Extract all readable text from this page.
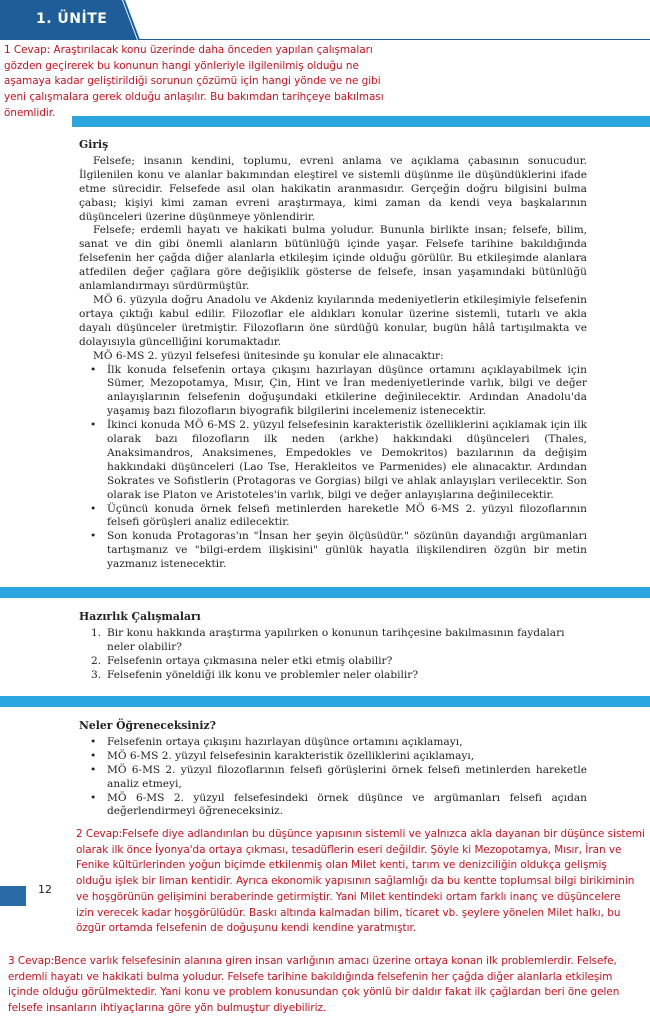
1. ÜNİTE
1 Cevap: Araştırılacak konu üzerinde daha önceden yapılan çalışmaları
gözden geçirerek bu konunun hangi yönleriyle ilgilenilmiş olduğu ne
aşamaya kadar geliştirildiği sorunun çözümü için hangi yönde ve ne gibi
yeni çalışmalara gerek olduğu anlaşılır. Bu bakımdan tarihçeye bakılması
önemlidir.
Giriş

Felsefe; insanın kendini, toplumu, evreni anlama ve açıklama çabasının sonucudur. İlgilenilen konu ve alanlar bakımından eleştirel ve sistemli düşünme ile düşündüklerini ifade etme sürecidir. Felsefede asıl olan hakikatin aranmasıdır. Gerçeğin doğru bilgisini bulma çabası; kişiyi kimi zaman evreni araştırmaya, kimi zaman da kendi veya başkalarının düşünceleri üzerine düşünmeye yönlendirir.

Felsefe; erdemli hayatı ve hakikati bulma yoludur. Bununla birlikte insan; felsefe, bilim, sanat ve din gibi önemli alanların bütünlüğü içinde yaşar. Felsefe tarihine bakıldığında felsefenin her çağda diğer alanlarla etkileşim içinde olduğu görülür. Bu etkileşimde alanlara atfedilen değer çağlara göre değişiklik gösterse de felsefe, insan yaşamındaki bütünlüğü anlamlandırmayı sürdürmüştür.

MÖ 6. yüzyıla doğru Anadolu ve Akdeniz kıyılarında medeniyetlerin etkileşimiyle felsefenin ortaya çıktığı kabul edilir. Filozoflar ele aldıkları konular üzerine sistemli, tutarlı ve akla dayalı düşünceler üretmiştir. Filozofların öne sürdüğü konular, bugün hâlâ tartışılmakta ve dolayısıyla güncelliğini korumaktadır.

MÖ 6-MS 2. yüzyıl felsefesi ünitesinde şu konular ele alınacaktır:

• İlk konuda felsefenin ortaya çıkışını hazırlayan düşünce ortamını açıklayabilmek için Sümer, Mezopotamya, Mısır, Çin, Hint ve İran medeniyetlerinde varlık, bilgi ve değer anlayışlarının felsefenin doğuşundaki etkilerine değinilecektir. Ardından Anadolu'da yaşamış bazı filozofların biyografik bilgilerini incelemeniz istenecektir.
• İkinci konuda MÖ 6-MS 2. yüzyıl felsefesinin karakteristik özelliklerini açıklamak için ilk olarak bazı filozofların ilk neden (arkhe) hakkındaki düşünceleri (Thales, Anaksimandros, Anaksimenes, Empedokles ve Demokritos) bazılarının da değişim hakkındaki düşünceleri (Lao Tse, Herakleitos ve Parmenides) ele alınacaktır. Ardından Sokrates ve Sofistlerin (Protagoras ve Gorgias) bilgi ve ahlak anlayışları verilecektir. Son olarak ise Platon ve Aristoteles'in varlık, bilgi ve değer anlayışlarına değinilecektir.
• Üçüncü konuda örnek felsefi metinlerden hareketle MÖ 6-MS 2. yüzyıl filozoflarının felsefi görüşleri analiz edilecektir.
• Son konuda Protagoras'ın "İnsan her şeyin ölçüsüdür." sözünün dayandığı argümanları tartışmanız ve "bilgi-erdem ilişkisini" günlük hayatla ilişkilendiren özgün bir metin yazmanız istenecektir.
Hazırlık Çalışmaları
1. Bir konu hakkında araştırma yapılırken o konunun tarihçesine bakılmasının faydaları neler olabilir?
2. Felsefenin ortaya çıkmasına neler etki etmiş olabilir?
3. Felsefenin yöneldiği ilk konu ve problemler neler olabilir?
Neler Öğreneceksiniz?
• Felsefenin ortaya çıkışını hazırlayan düşünce ortamını açıklamayı,
• MÖ 6-MS 2. yüzyıl felsefesinin karakteristik özelliklerini açıklamayı,
• MÖ 6-MS 2. yüzyıl filozoflarının felsefi görüşlerini örnek felsefi metinlerden hareketle analiz etmeyi,
• MÖ 6-MS 2. yüzyıl felsefesindeki örnek düşünce ve argümanları felsefi açıdan değerlendirmeyi öğreneceksiniz.
2 Cevap:Felsefe diye adlandırılan bu düşünce yapısının sistemli ve yalnızca akla dayanan bir düşünce sistemi
olarak ilk önce İyonya'da ortaya çıkması, tesadüflerin eseri değildir. Şöyle ki Mezopotamya, Mısır, İran ve
Fenike kültürlerinden yoğun biçimde etkilenmiş olan Milet kenti, tarım ve denizciliğin oldukça gelişmiş
olduğu işlek bir liman kentidir. Ayrıca ekonomik yapısının sağlamlığı da bu kentte toplumsal bilgi birikiminin
ve hoşgörünün gelişimini beraberinde getirmiştir. Yani Milet kentindeki ortam farklı inanç ve düşüncelere
izin verecek kadar hoşgörülüdür. Baskı altında kalmadan bilim, ticaret vb. şeylere yönelen Milet halkı, bu
özgür ortamda felsefenin de doğuşunu kendi kendine yaratmıştır.
12
3 Cevap:Bence varlık felsefesinin alanına giren insan varlığının amacı üzerine ortaya konan ilk problemlerdir. Felsefe,
erdemli hayatı ve hakikati bulma yoludur. Felsefe tarihine bakıldığında felsefenin her çağda diğer alanlarla etkileşim
içinde olduğu görülmektedir. Yani konu ve problem konusundan çok yönlü bir daldır fakat ilk çağlardan beri öne gelen
felsefe insanların ihtiyaçlarına göre yön bulmuştur diyebiliriz.
